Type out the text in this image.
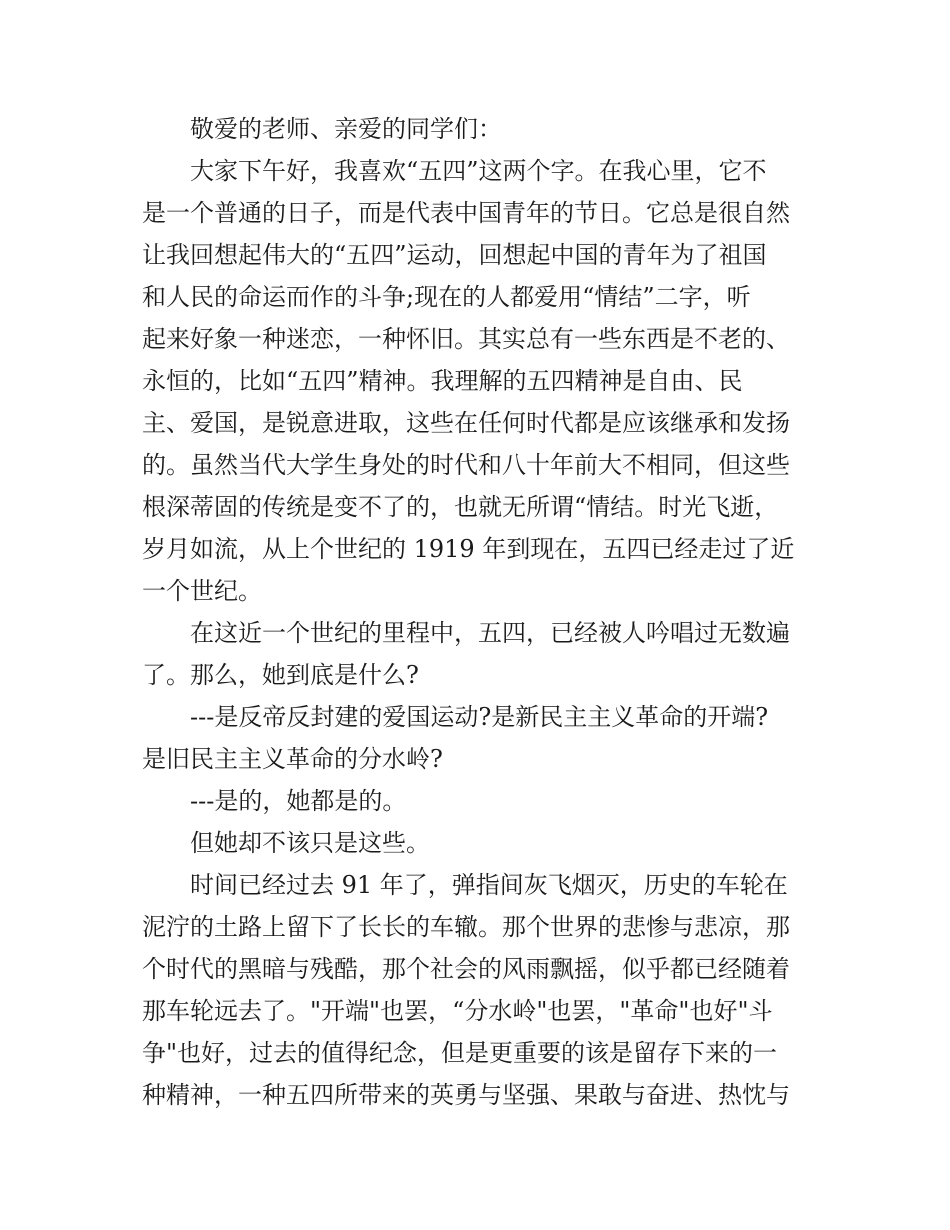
敬爱的老师、亲爱的同学们：
大家下午好，我喜欢“五四”这两个字。在我心里，它不
是一个普通的日子，而是代表中国青年的节日。它总是很自然
让我回想起伟大的“五四”运动，回想起中国的青年为了祖国
和人民的命运而作的斗争;现在的人都爱用“情结”二字，听
起来好象一种迷恋，一种怀旧。其实总有一些东西是不老的、
永恒的，比如“五四”精神。我理解的五四精神是自由、民
主、爱国，是锐意进取，这些在任何时代都是应该继承和发扬
的。虽然当代大学生身处的时代和八十年前大不相同，但这些
根深蒂固的传统是变不了的，也就无所谓“情结。时光飞逝，
岁月如流，从上个世纪的 1919 年到现在，五四已经走过了近
一个世纪。
在这近一个世纪的里程中，五四，已经被人吟唱过无数遍
了。那么，她到底是什么?
---是反帝反封建的爱国运动?是新民主主义革命的开端?
是旧民主主义革命的分水岭?
---是的，她都是的。
但她却不该只是这些。
时间已经过去 91 年了，弹指间灰飞烟灭，历史的车轮在
泥泞的土路上留下了长长的车辙。那个世界的悲惨与悲凉，那
个时代的黑暗与残酷，那个社会的风雨飘摇，似乎都已经随着
那车轮远去了。"开端"也罢，“分水岭"也罢，"革命"也好"斗
争"也好，过去的值得纪念，但是更重要的该是留存下来的一
种精神，一种五四所带来的英勇与坚强、果敢与奋进、热忱与
